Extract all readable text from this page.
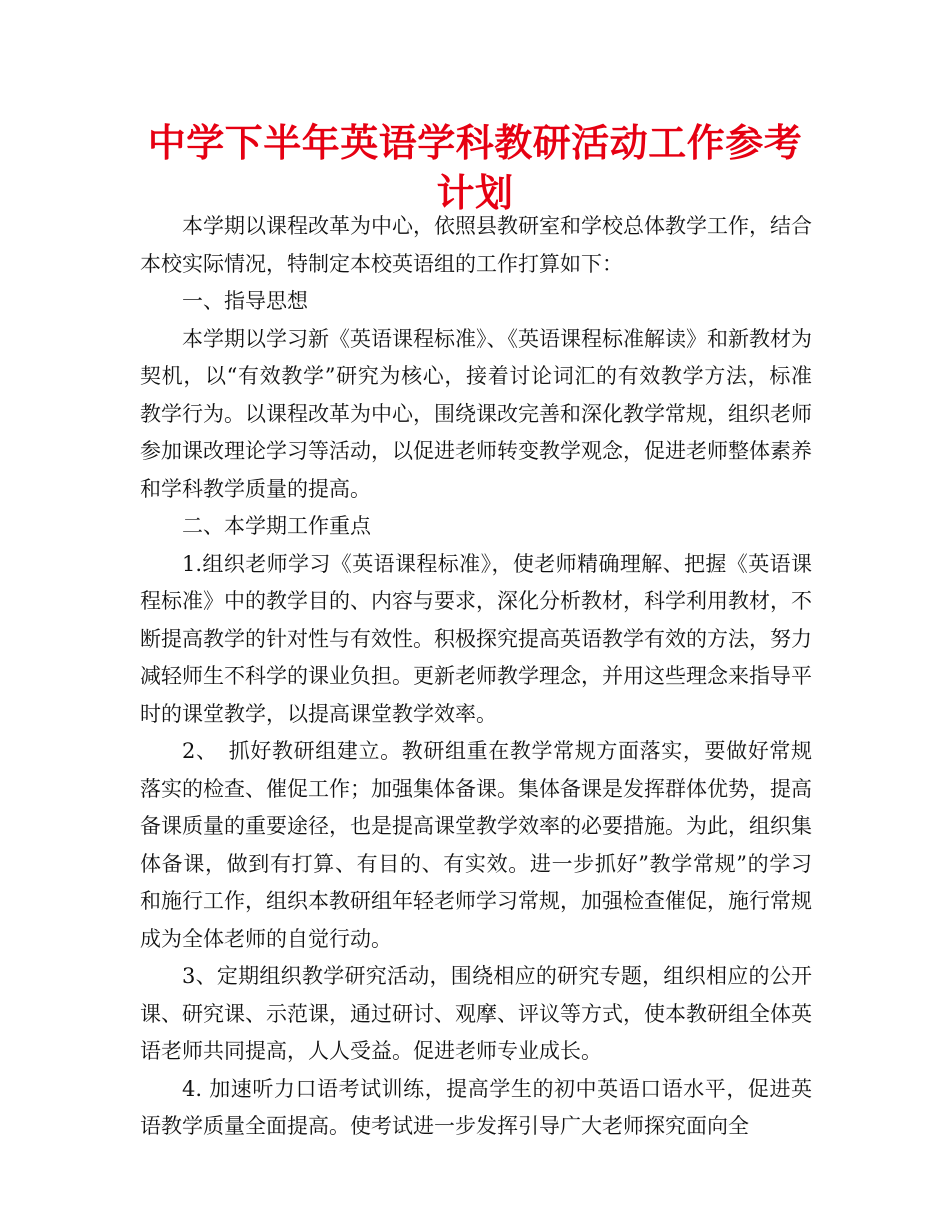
中学下半年英语学科教研活动工作参考计划

本学期以课程改革为中心，依照县教研室和学校总体教学工作，结合本校实际情况，特制定本校英语组的工作打算如下：

一、指导思想

本学期以学习新《英语课程标准》、《英语课程标准解读》和新教材为契机，以“有效教学”研究为核心，接着讨论词汇的有效教学方法，标准教学行为。以课程改革为中心，围绕课改完善和深化教学常规，组织老师参加课改理论学习等活动，以促进老师转变教学观念，促进老师整体素养和学科教学质量的提高。

二、本学期工作重点

1.组织老师学习《英语课程标准》，使老师精确理解、把握《英语课程标准》中的教学目的、内容与要求，深化分析教材，科学利用教材，不断提高教学的针对性与有效性。积极探究提高英语教学有效的方法，努力减轻师生不科学的课业负担。更新老师教学理念，并用这些理念来指导平时的课堂教学，以提高课堂教学效率。

2、　抓好教研组建立。教研组重在教学常规方面落实，要做好常规落实的检查、催促工作；加强集体备课。集体备课是发挥群体优势，提高备课质量的重要途径，也是提高课堂教学效率的必要措施。为此，组织集体备课，做到有打算、有目的、有实效。进一步抓好”教学常规”的学习和施行工作，组织本教研组年轻老师学习常规，加强检查催促，施行常规成为全体老师的自觉行动。

3、定期组织教学研究活动，围绕相应的研究专题，组织相应的公开课、研究课、示范课，通过研讨、观摩、评议等方式，使本教研组全体英语老师共同提高，人人受益。促进老师专业成长。

4. 加速听力口语考试训练，提高学生的初中英语口语水平，促进英语教学质量全面提高。使考试进一步发挥引导广大老师探究面向全
